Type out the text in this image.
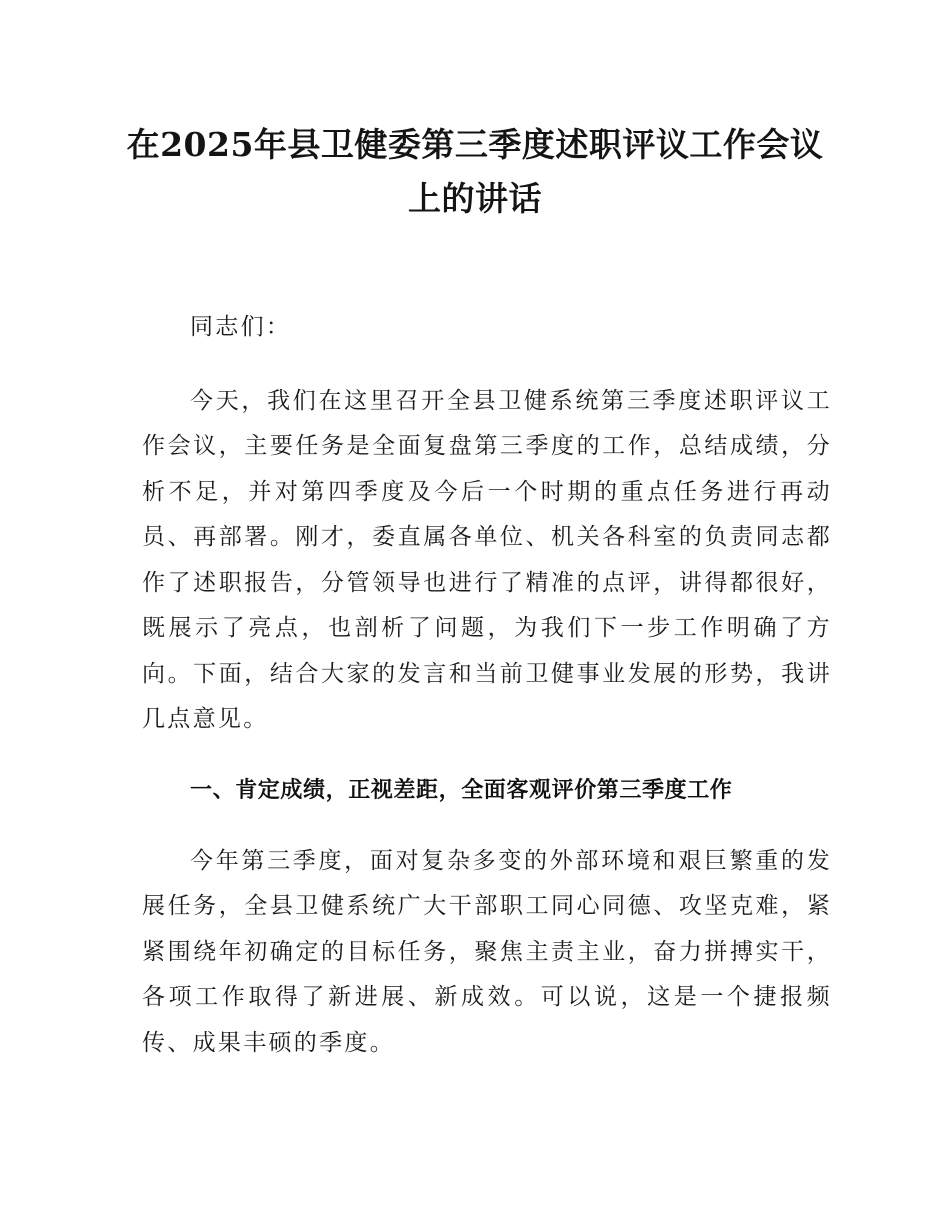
在2025年县卫健委第三季度述职评议工作会议上的讲话

同志们：

今天，我们在这里召开全县卫健系统第三季度述职评议工作会议，主要任务是全面复盘第三季度的工作，总结成绩，分析不足，并对第四季度及今后一个时期的重点任务进行再动员、再部署。刚才，委直属各单位、机关各科室的负责同志都作了述职报告，分管领导也进行了精准的点评，讲得都很好，既展示了亮点，也剖析了问题，为我们下一步工作明确了方向。下面，结合大家的发言和当前卫健事业发展的形势，我讲几点意见。

一、肯定成绩，正视差距，全面客观评价第三季度工作

今年第三季度，面对复杂多变的外部环境和艰巨繁重的发展任务，全县卫健系统广大干部职工同心同德、攻坚克难，紧紧围绕年初确定的目标任务，聚焦主责主业，奋力拼搏实干，各项工作取得了新进展、新成效。可以说，这是一个捷报频传、成果丰硕的季度。
